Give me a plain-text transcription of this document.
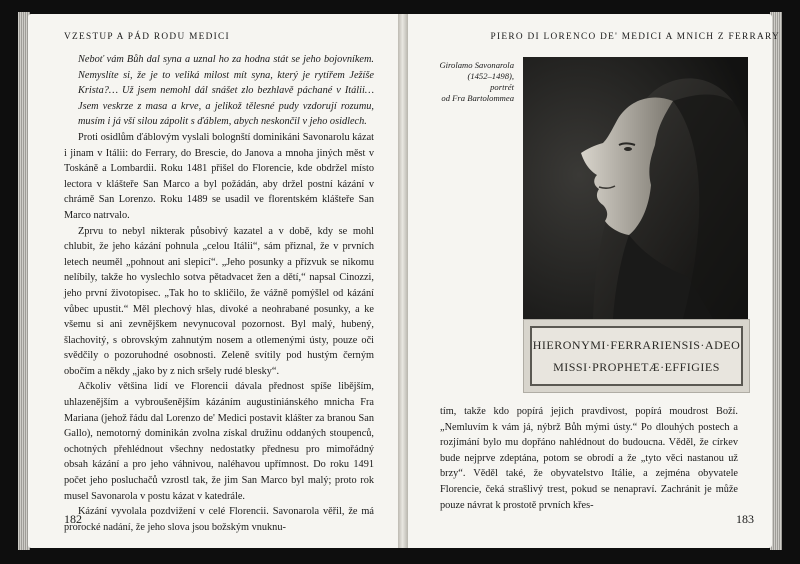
VZESTUP A PÁD RODU MEDICI	PIERO DI LORENCO DE' MEDICI A MNICH Z FERRARY

Neboť vám Bůh dal syna a uznal ho za hodna stát se jeho bojovníkem. Nemyslíte si, že je to veliká milost mít syna, který je rytířem Ježíše Krista?… Už jsem nemohl dál snášet zlo bezhlavě páchané v Itálii… Jsem veskrze z masa a krve, a jelikož tělesné pudy vzdorují rozumu, musím i já vší silou zápolit s ďáblem, abych neskončil v jeho osidlech.

Proti osidlům ďáblovým vyslali bolognští dominikáni Savonarolu kázat i jinam v Itálii: do Ferrary, do Brescie, do Janova a mnoha jiných měst v Toskáně a Lombardii. Roku 1481 přišel do Florencie, kde obdržel místo lectora v klášteře San Marco a byl požádán, aby držel postní kázání v chrámě San Lorenzo. Roku 1489 se usadil ve florentském klášteře San Marco natrvalo.

Zprvu to nebyl nikterak působivý kazatel a v době, kdy se mohl chlubit, že jeho kázání pohnula „celou Itálii“, sám přiznal, že v prvních letech neuměl „pohnout ani slepicí“. „Jeho posunky a přízvuk se nikomu nelíbily, takže ho vyslechlo sotva pětadvacet žen a dětí,“ napsal Cinozzi, jeho první životopisec. „Tak ho to skličilo, že vážně pomýšlel od kázání vůbec upustit.“ Měl plechový hlas, divoké a neohrabané posunky, a ke všemu si ani zevnějškem nevynucoval pozornost. Byl malý, hubený, šlachovitý, s obrovským zahnutým nosem a otlemenými ústy, pouze oči svědčily o pozoruhodné osobnosti. Zeleně svítily pod hustým černým obočím a někdy „jako by z nich sršely rudé blesky“.

Ačkoliv většina lidí ve Florencii dávala přednost spíše libějším, uhlazenějším a vybroušenějším kázáním augustiniánského mnicha Fra Mariana (jehož řádu dal Lorenzo de' Medici postavit klášter za branou San Gallo), nemotorný dominikán zvolna získal družinu oddaných stoupenců, ochotných přehlédnout všechny nedostatky přednesu pro mimořádný obsah kázání a pro jeho váhnivou, naléhavou upřímnost. Do roku 1491 počet jeho posluchačů vzrostl tak, že jim San Marco byl malý; proto rok musel Savonarola v postu kázat v katedrále.

Kázání vyvolala pozdvižení v celé Florencii. Savonarola věřil, že má prorocké nadání, že jeho slova jsou božským vnuknu-

Girolamo Savonarola
(1452–1498),
portrét
od Fra Bartolommea
HIERONYMI·FERRARIENSIS·ADEO
MISSI·PROPHETÆ·EFFIGIES

tím, takže kdo popírá jejich pravdivost, popírá moudrost Boží. „Nemluvím k vám já, nýbrž Bůh mými ústy.“ Po dlouhých postech a rozjímání bylo mu dopřáno nahlédnout do budoucna. Věděl, že církev bude nejprve zdeptána, potom se obrodí a že „tyto věci nastanou už brzy“. Věděl také, že obyvatelstvo Itálie, a zejména obyvatele Florencie, čeká strašlivý trest, pokud se nenapraví. Zachránit je může pouze návrat k prostotě prvních křes-

182	183
